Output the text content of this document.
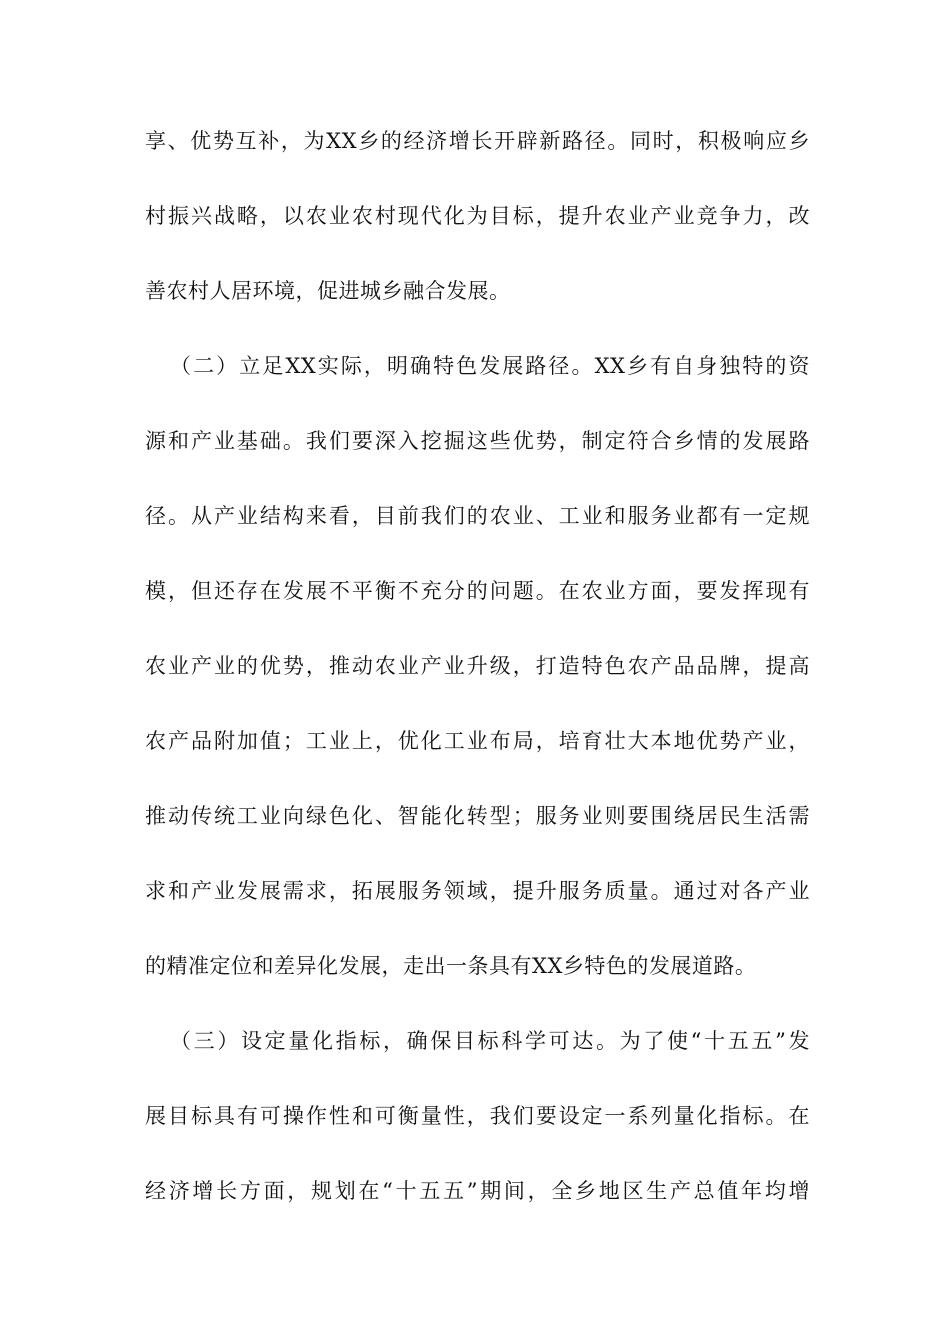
享、优势互补，为XX乡的经济增长开辟新路径。同时，积极响应乡
村振兴战略，以农业农村现代化为目标，提升农业产业竞争力，改
善农村人居环境，促进城乡融合发展。
（二）立足XX实际，明确特色发展路径。XX乡有自身独特的资
源和产业基础。我们要深入挖掘这些优势，制定符合乡情的发展路
径。从产业结构来看，目前我们的农业、工业和服务业都有一定规
模，但还存在发展不平衡不充分的问题。在农业方面，要发挥现有
农业产业的优势，推动农业产业升级，打造特色农产品品牌，提高
农产品附加值；工业上，优化工业布局，培育壮大本地优势产业，
推动传统工业向绿色化、智能化转型；服务业则要围绕居民生活需
求和产业发展需求，拓展服务领域，提升服务质量。通过对各产业
的精准定位和差异化发展，走出一条具有XX乡特色的发展道路。
（三）设定量化指标，确保目标科学可达。为了使“十五五”发
展目标具有可操作性和可衡量性，我们要设定一系列量化指标。在
经济增长方面，规划在“十五五”期间，全乡地区生产总值年均增
